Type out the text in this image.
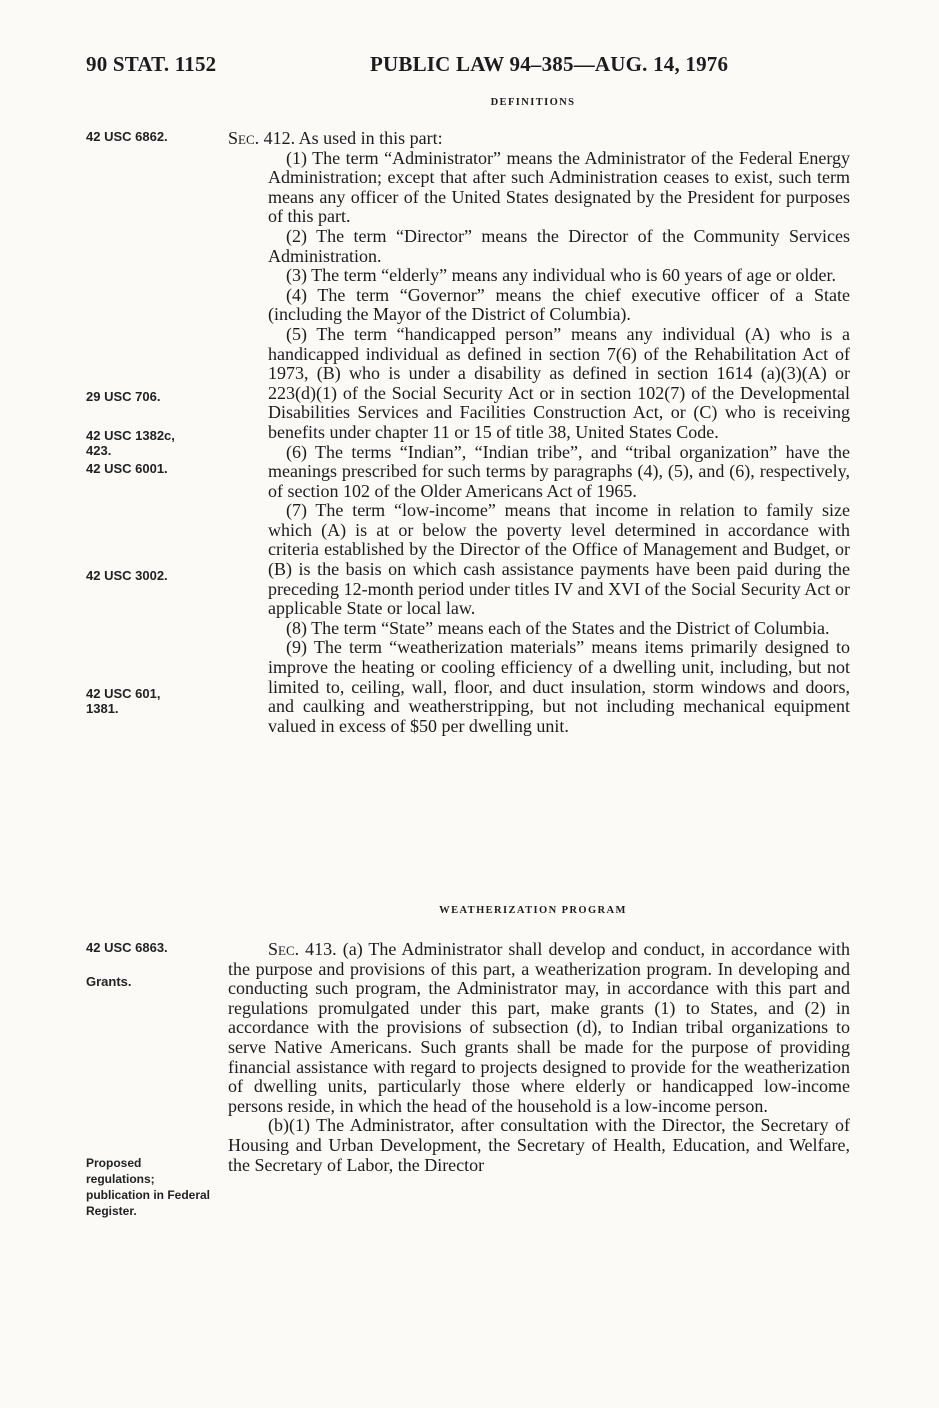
90 STAT. 1152	PUBLIC LAW 94–385—AUG. 14, 1976
DEFINITIONS
42 USC 6862.
29 USC 706.
42 USC 1382c, 423.
42 USC 6001.
42 USC 3002.
42 USC 601, 1381.
42 USC 6863.
Grants.
Proposed regulations; publication in Federal Register.

Sec. 412. As used in this part:

(1) The term “Administrator” means the Administrator of the Federal Energy Administration; except that after such Administration ceases to exist, such term means any officer of the United States designated by the President for purposes of this part.

(2) The term “Director” means the Director of the Community Services Administration.

(3) The term “elderly” means any individual who is 60 years of age or older.

(4) The term “Governor” means the chief executive officer of a State (including the Mayor of the District of Columbia).

(5) The term “handicapped person” means any individual (A) who is a handicapped individual as defined in section 7(6) of the Rehabilitation Act of 1973, (B) who is under a disability as defined in section 1614 (a)(3)(A) or 223(d)(1) of the Social Security Act or in section 102(7) of the Developmental Disabilities Services and Facilities Construction Act, or (C) who is receiving benefits under chapter 11 or 15 of title 38, United States Code.

(6) The terms “Indian”, “Indian tribe”, and “tribal organization” have the meanings prescribed for such terms by paragraphs (4), (5), and (6), respectively, of section 102 of the Older Americans Act of 1965.

(7) The term “low-income” means that income in relation to family size which (A) is at or below the poverty level determined in accordance with criteria established by the Director of the Office of Management and Budget, or (B) is the basis on which cash assistance payments have been paid during the preceding 12-month period under titles IV and XVI of the Social Security Act or applicable State or local law.

(8) The term “State” means each of the States and the District of Columbia.

(9) The term “weatherization materials” means items primarily designed to improve the heating or cooling efficiency of a dwelling unit, including, but not limited to, ceiling, wall, floor, and duct insulation, storm windows and doors, and caulking and weatherstripping, but not including mechanical equipment valued in excess of $50 per dwelling unit.

WEATHERIZATION PROGRAM

Sec. 413. (a) The Administrator shall develop and conduct, in accordance with the purpose and provisions of this part, a weatherization program. In developing and conducting such program, the Administrator may, in accordance with this part and regulations promulgated under this part, make grants (1) to States, and (2) in accordance with the provisions of subsection (d), to Indian tribal organizations to serve Native Americans. Such grants shall be made for the purpose of providing financial assistance with regard to projects designed to provide for the weatherization of dwelling units, particularly those where elderly or handicapped low-income persons reside, in which the head of the household is a low-income person.

(b)(1) The Administrator, after consultation with the Director, the Secretary of Housing and Urban Development, the Secretary of Health, Education, and Welfare, the Secretary of Labor, the Director
